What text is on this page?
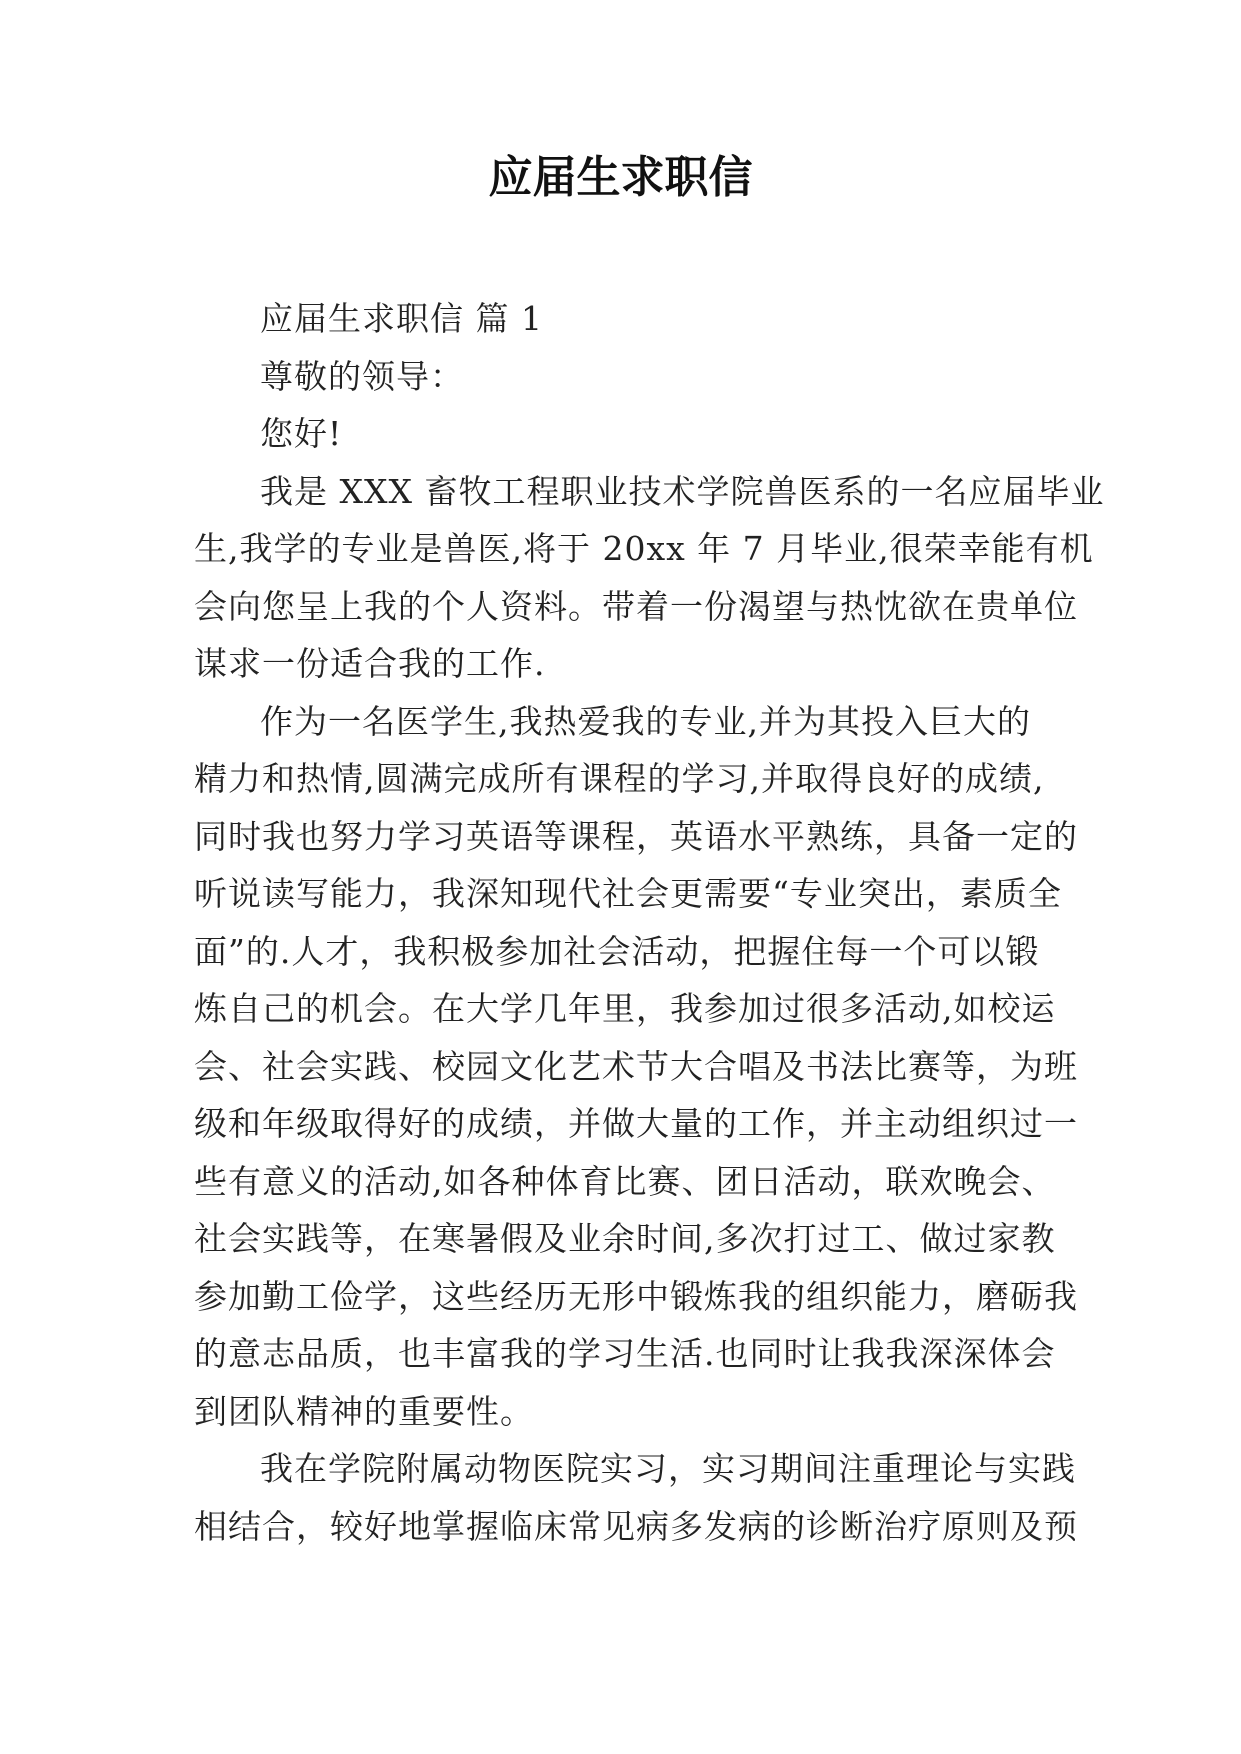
应届生求职信
应届生求职信 篇 1
尊敬的领导：
您好!
我是 XXX 畜牧工程职业技术学院兽医系的一名应届毕业
生,我学的专业是兽医,将于 20xx 年 7 月毕业,很荣幸能有机
会向您呈上我的个人资料。带着一份渴望与热忱欲在贵单位
谋求一份适合我的工作.
作为一名医学生,我热爱我的专业,并为其投入巨大的
精力和热情,圆满完成所有课程的学习,并取得良好的成绩,
同时我也努力学习英语等课程，英语水平熟练，具备一定的
听说读写能力，我深知现代社会更需要“专业突出，素质全
面”的.人才，我积极参加社会活动，把握住每一个可以锻
炼自己的机会。在大学几年里，我参加过很多活动,如校运
会、社会实践、校园文化艺术节大合唱及书法比赛等，为班
级和年级取得好的成绩，并做大量的工作，并主动组织过一
些有意义的活动,如各种体育比赛、团日活动，联欢晚会、
社会实践等，在寒暑假及业余时间,多次打过工、做过家教
参加勤工俭学，这些经历无形中锻炼我的组织能力，磨砺我
的意志品质，也丰富我的学习生活.也同时让我我深深体会
到团队精神的重要性。
我在学院附属动物医院实习，实习期间注重理论与实践
相结合，较好地掌握临床常见病多发病的诊断治疗原则及预
